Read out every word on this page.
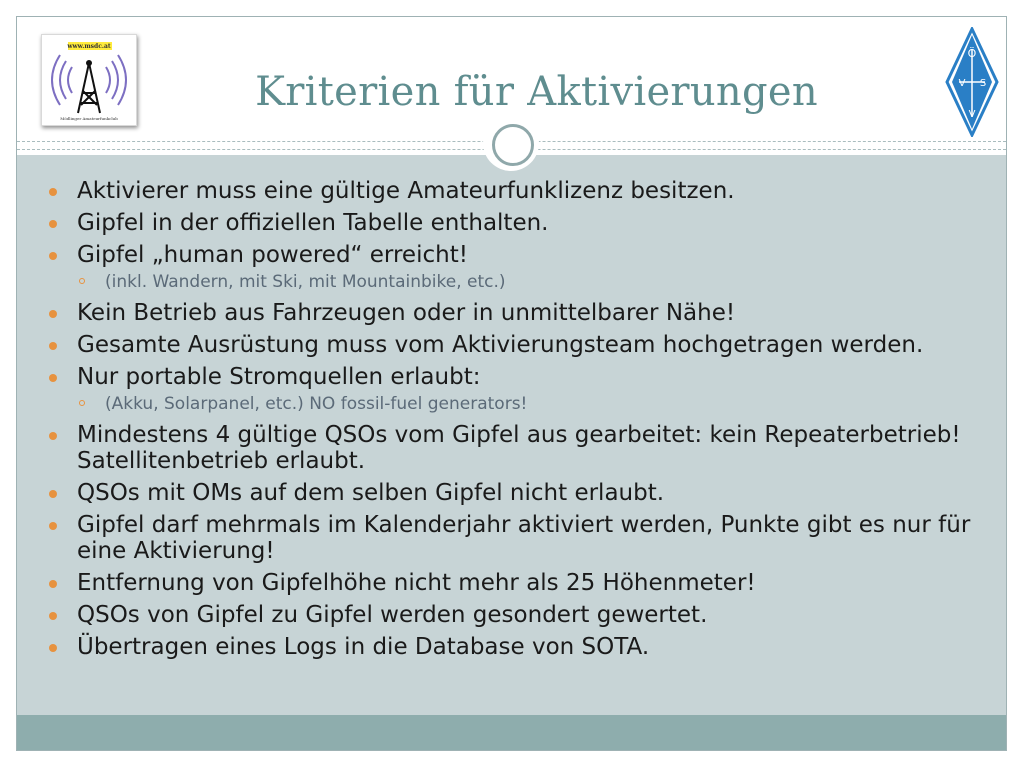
www.msdc.at
Mödlinger Amateurfunkclub
Kriterien für Aktivierungen
Ö
V S
V
Aktivierer muss eine gültige Amateurfunklizenz besitzen.
Gipfel in der offiziellen Tabelle enthalten.
Gipfel „human powered“ erreicht!
(inkl. Wandern, mit Ski, mit Mountainbike, etc.)
Kein Betrieb aus Fahrzeugen oder in unmittelbarer Nähe!
Gesamte Ausrüstung muss vom Aktivierungsteam hochgetragen werden.
Nur portable Stromquellen erlaubt:
(Akku, Solarpanel, etc.) NO fossil-fuel generators!
Mindestens 4 gültige QSOs vom Gipfel aus gearbeitet: kein Repeaterbetrieb! Satellitenbetrieb erlaubt.
QSOs mit OMs auf dem selben Gipfel nicht erlaubt.
Gipfel darf mehrmals im Kalenderjahr aktiviert werden, Punkte gibt es nur für eine Aktivierung!
Entfernung von Gipfelhöhe nicht mehr als 25 Höhenmeter!
QSOs von Gipfel zu Gipfel werden gesondert gewertet.
Übertragen eines Logs in die Database von SOTA.
